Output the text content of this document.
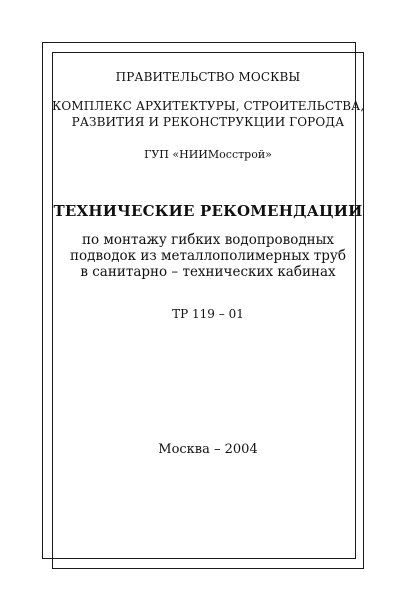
ПРАВИТЕЛЬСТВО МОСКВЫ
КОМПЛЕКС АРХИТЕКТУРЫ, СТРОИТЕЛЬСТВА,
РАЗВИТИЯ И РЕКОНСТРУКЦИИ ГОРОДА
ГУП «НИИМосстрой»
ТЕХНИЧЕСКИЕ РЕКОМЕНДАЦИИ
по монтажу гибких водопроводных
подводок из металлополимерных труб
в санитарно – технических кабинах
ТР 119 – 01
Москва – 2004
